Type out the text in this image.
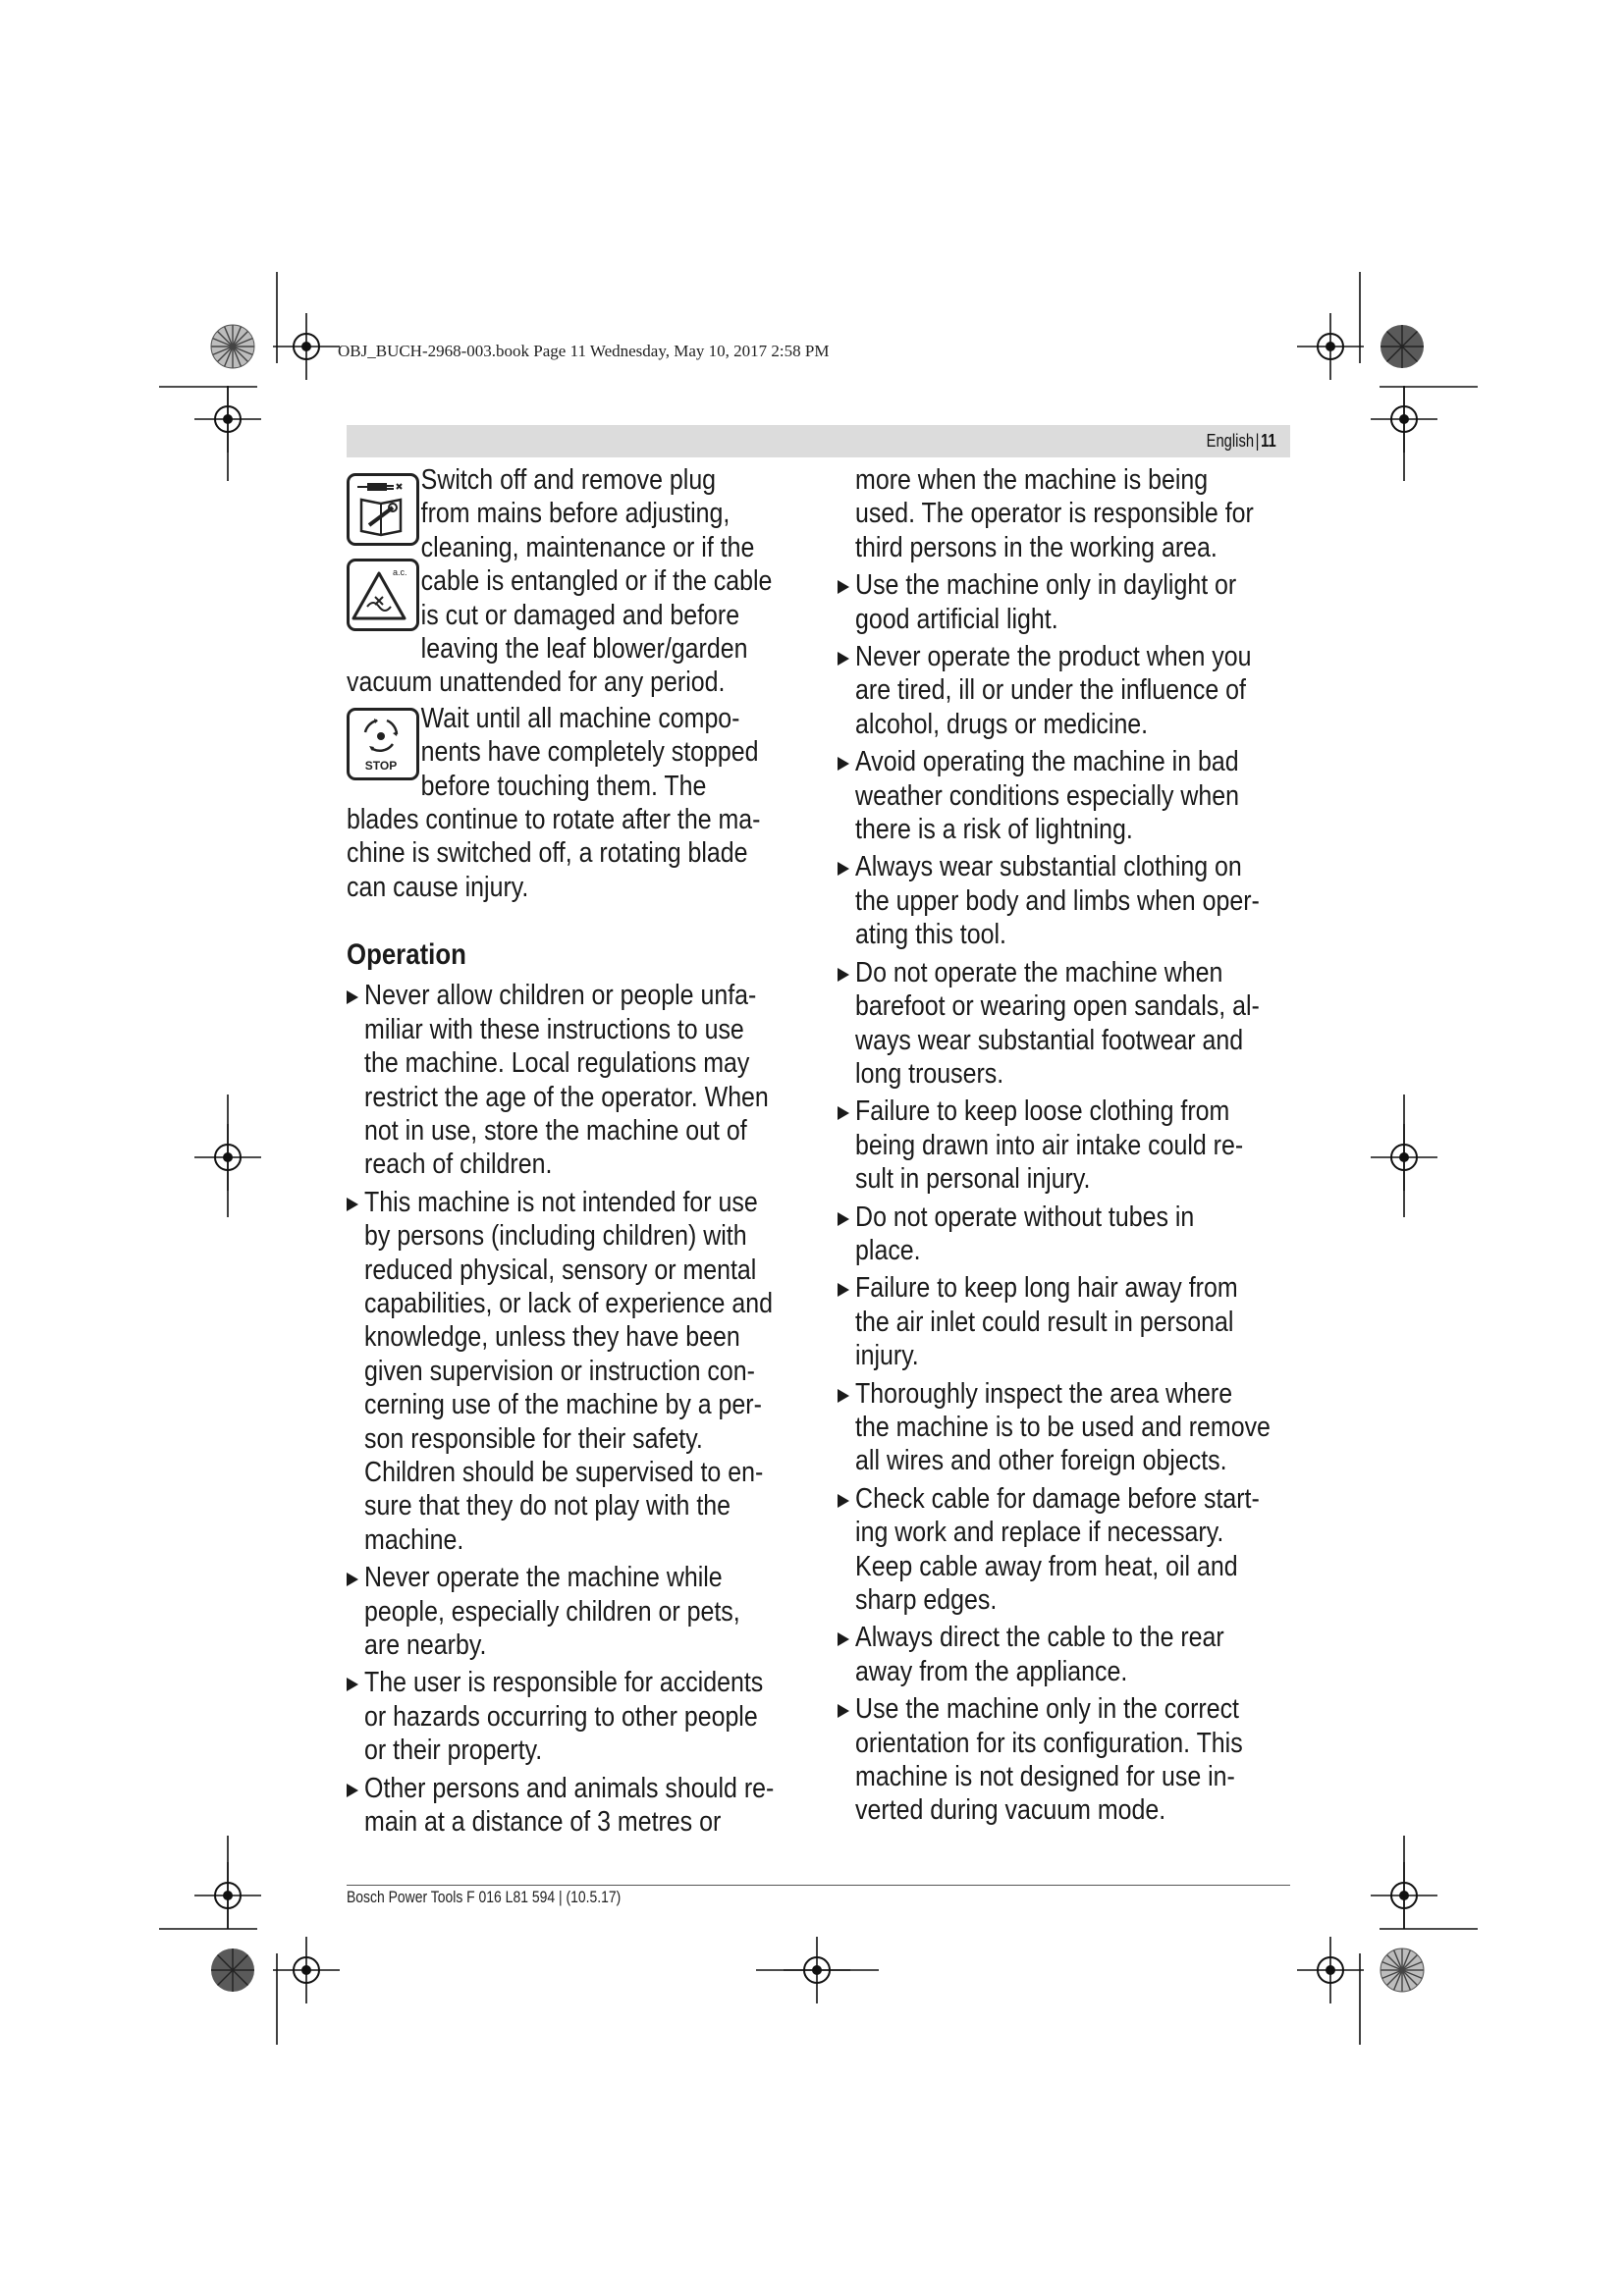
OBJ_BUCH-2968-003.book Page 11 Wednesday, May 10, 2017 2:58 PM
English|11
a.c.
Switch off and remove plug
from mains before adjusting,
cleaning, maintenance or if the
cable is entangled or if the cable
is cut or damaged and before
leaving the leaf blower/garden
vacuum unattended for any period.
STOP
Wait until all machine compo-
nents have completely stopped
before touching them. The
blades continue to rotate after the ma-
chine is switched off, a rotating blade
can cause injury.
Operation
Never allow children or people unfa-
miliar with these instructions to use
the machine. Local regulations may
restrict the age of the operator. When
not in use, store the machine out of
reach of children.
This machine is not intended for use
by persons (including children) with
reduced physical, sensory or mental
capabilities, or lack of experience and
knowledge, unless they have been
given supervision or instruction con-
cerning use of the machine by a per-
son responsible for their safety.
Children should be supervised to en-
sure that they do not play with the
machine.
Never operate the machine while
people, especially children or pets,
are nearby.
The user is responsible for accidents
or hazards occurring to other people
or their property.
Other persons and animals should re-
main at a distance of 3 metres or
more when the machine is being
used. The operator is responsible for
third persons in the working area.
Use the machine only in daylight or
good artificial light.
Never operate the product when you
are tired, ill or under the influence of
alcohol, drugs or medicine.
Avoid operating the machine in bad
weather conditions especially when
there is a risk of lightning.
Always wear substantial clothing on
the upper body and limbs when oper-
ating this tool.
Do not operate the machine when
barefoot or wearing open sandals, al-
ways wear substantial footwear and
long trousers.
Failure to keep loose clothing from
being drawn into air intake could re-
sult in personal injury.
Do not operate without tubes in
place.
Failure to keep long hair away from
the air inlet could result in personal
injury.
Thoroughly inspect the area where
the machine is to be used and remove
all wires and other foreign objects.
Check cable for damage before start-
ing work and replace if necessary.
Keep cable away from heat, oil and
sharp edges.
Always direct the cable to the rear
away from the appliance.
Use the machine only in the correct
orientation for its configuration. This
machine is not designed for use in-
verted during vacuum mode.
Bosch Power Tools F 016 L81 594 | (10.5.17)
